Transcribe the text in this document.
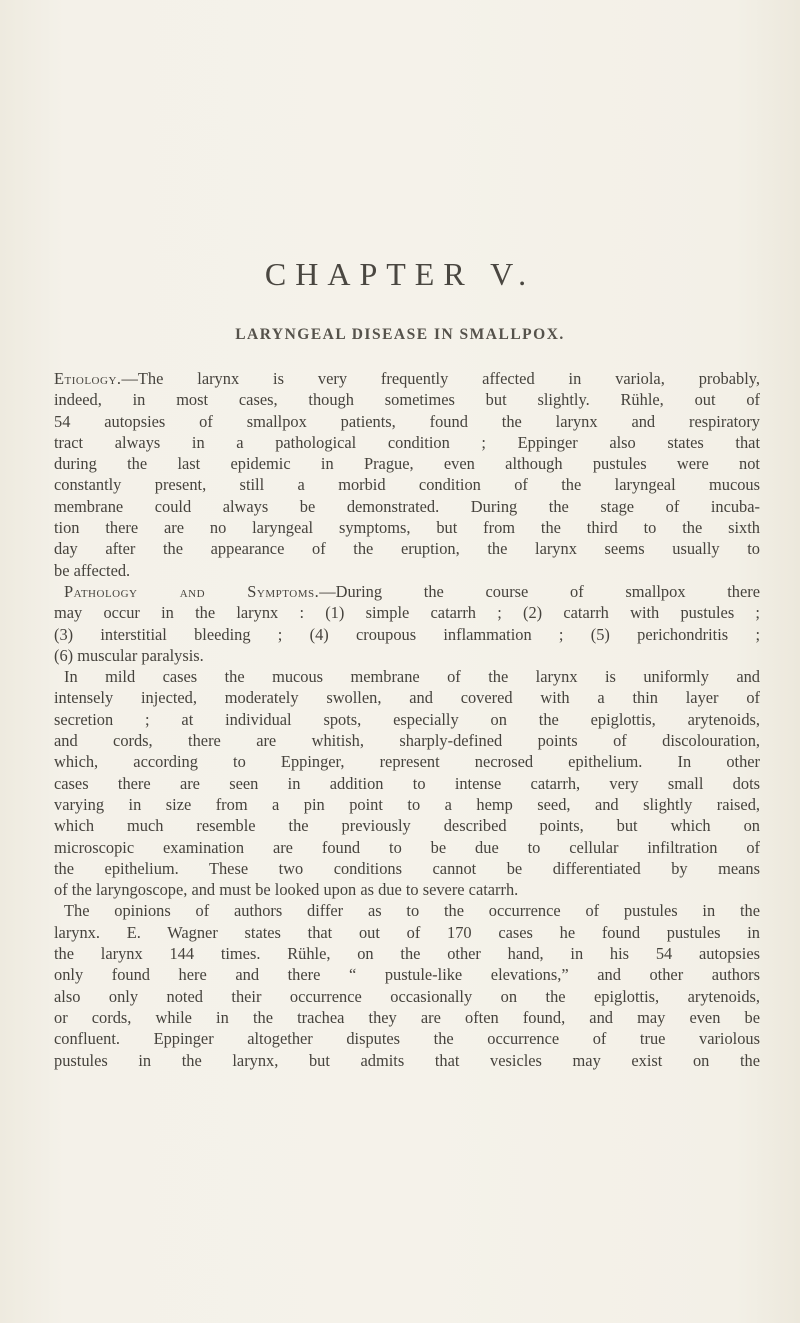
CHAPTER V.
LARYNGEAL DISEASE IN SMALLPOX.
Etiology.—The larynx is very frequently affected in variola, probably,
indeed, in most cases, though sometimes but slightly. Rühle, out of
54 autopsies of smallpox patients, found the larynx and respiratory
tract always in a pathological condition ; Eppinger also states that
during the last epidemic in Prague, even although pustules were not
constantly present, still a morbid condition of the laryngeal mucous
membrane could always be demonstrated. During the stage of incuba-
tion there are no laryngeal symptoms, but from the third to the sixth
day after the appearance of the eruption, the larynx seems usually to
be affected.
Pathology and Symptoms.—During the course of smallpox there
may occur in the larynx : (1) simple catarrh ; (2) catarrh with pustules ;
(3) interstitial bleeding ; (4) croupous inflammation ; (5) perichondritis ;
(6) muscular paralysis.
In mild cases the mucous membrane of the larynx is uniformly and
intensely injected, moderately swollen, and covered with a thin layer of
secretion ; at individual spots, especially on the epiglottis, arytenoids,
and cords, there are whitish, sharply-defined points of discolouration,
which, according to Eppinger, represent necrosed epithelium. In other
cases there are seen in addition to intense catarrh, very small dots
varying in size from a pin point to a hemp seed, and slightly raised,
which much resemble the previously described points, but which on
microscopic examination are found to be due to cellular infiltration of
the epithelium. These two conditions cannot be differentiated by means
of the laryngoscope, and must be looked upon as due to severe catarrh.
The opinions of authors differ as to the occurrence of pustules in the
larynx. E. Wagner states that out of 170 cases he found pustules in
the larynx 144 times. Rühle, on the other hand, in his 54 autopsies
only found here and there “ pustule-like elevations,” and other authors
also only noted their occurrence occasionally on the epiglottis, arytenoids,
or cords, while in the trachea they are often found, and may even be
confluent. Eppinger altogether disputes the occurrence of true variolous
pustules in the larynx, but admits that vesicles may exist on the
